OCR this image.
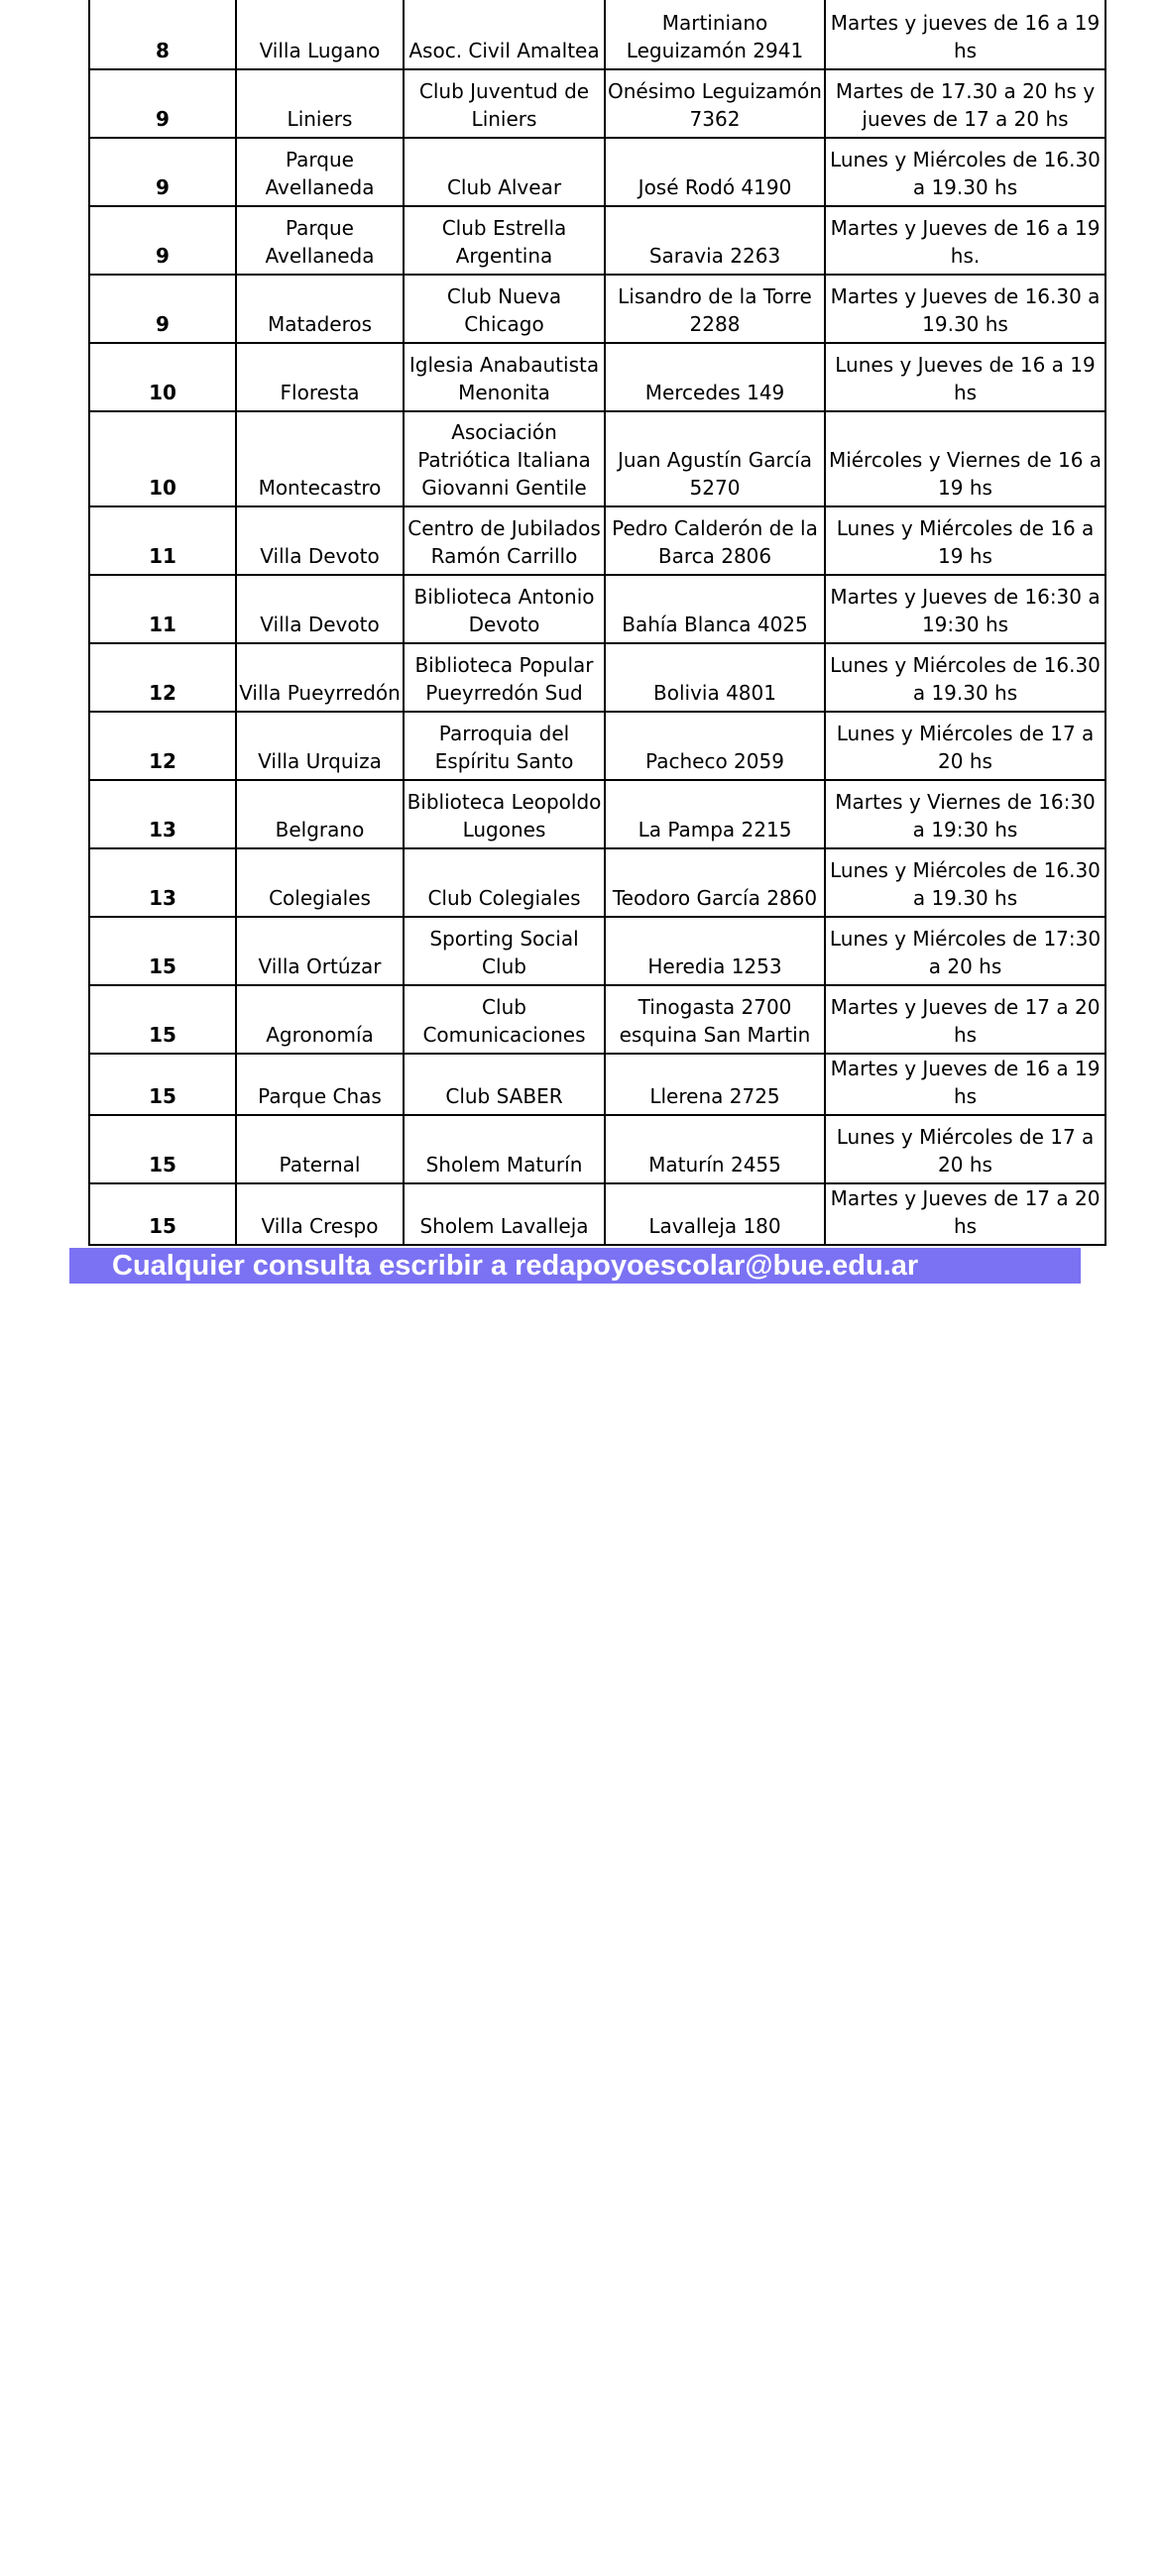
8	Villa Lugano	Asoc. Civil Amaltea	Martiniano Leguizamón 2941	Martes y jueves de 16 a 19 hs
9	Liniers	Club Juventud de Liniers	Onésimo Leguizamón 7362	Martes de 17.30 a 20 hs y jueves de 17 a 20 hs
9	Parque Avellaneda	Club Alvear	José Rodó 4190	Lunes y Miércoles de 16.30 a 19.30 hs
9	Parque Avellaneda	Club Estrella Argentina	Saravia 2263	Martes y Jueves de 16 a 19 hs.
9	Mataderos	Club Nueva Chicago	Lisandro de la Torre 2288	Martes y Jueves de 16.30 a 19.30 hs
10	Floresta	Iglesia Anabautista Menonita	Mercedes 149	Lunes y Jueves de 16 a 19 hs
10	Montecastro	Asociación Patriótica Italiana Giovanni Gentile	Juan Agustín García 5270	Miércoles y Viernes de 16 a 19 hs
11	Villa Devoto	Centro de Jubilados Ramón Carrillo	Pedro Calderón de la Barca 2806	Lunes y Miércoles de 16 a 19 hs
11	Villa Devoto	Biblioteca Antonio Devoto	Bahía Blanca 4025	Martes y Jueves de 16:30 a 19:30 hs
12	Villa Pueyrredón	Biblioteca Popular Pueyrredón Sud	Bolivia 4801	Lunes y Miércoles de 16.30 a 19.30 hs
12	Villa Urquiza	Parroquia del Espíritu Santo	Pacheco 2059	Lunes y Miércoles de 17 a 20 hs
13	Belgrano	Biblioteca Leopoldo Lugones	La Pampa 2215	Martes y Viernes de 16:30 a 19:30 hs
13	Colegiales	Club Colegiales	Teodoro García 2860	Lunes y Miércoles de 16.30 a 19.30 hs
15	Villa Ortúzar	Sporting Social Club	Heredia 1253	Lunes y Miércoles de 17:30 a 20 hs
15	Agronomía	Club Comunicaciones	Tinogasta 2700 esquina San Martin	Martes y Jueves de 17 a 20 hs
15	Parque Chas	Club SABER	Llerena 2725	Martes y Jueves de 16 a 19 hs
15	Paternal	Sholem Maturín	Maturín 2455	Lunes y Miércoles de 17 a 20 hs
15	Villa Crespo	Sholem Lavalleja	Lavalleja 180	Martes y Jueves de 17 a 20 hs
Cualquier consulta escribir a redapoyoescolar@bue.edu.ar
